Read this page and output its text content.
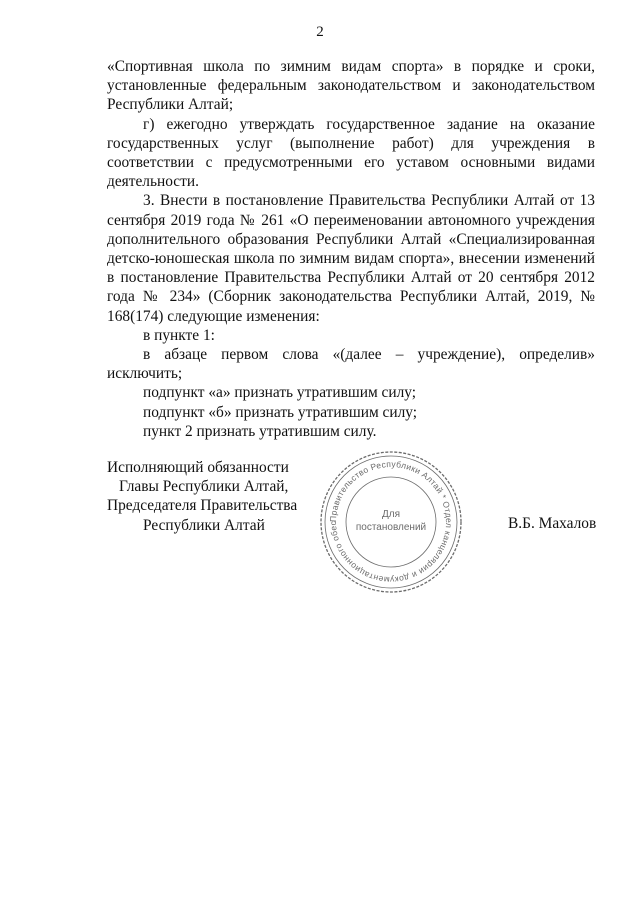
2

«Спортивная школа по зимним видам спорта» в порядке и сроки, установленные федеральным законодательством и законодательством Республики Алтай;

г) ежегодно утверждать государственное задание на оказание государственных услуг (выполнение работ) для учреждения в соответствии с предусмотренными его уставом основными видами деятельности.

3. Внести в постановление Правительства Республики Алтай от 13 сентября 2019 года № 261 «О переименовании автономного учреждения дополнительного образования Республики Алтай «Специализированная детско-юношеская школа по зимним видам спорта», внесении изменений в постановление Правительства Республики Алтай от 20 сентября 2012 года № 234» (Сборник законодательства Республики Алтай, 2019, № 168(174) следующие изменения:

в пункте 1:

в абзаце первом слова «(далее – учреждение), определив» исключить;

подпункт «а» признать утратившим силу;

подпункт «б» признать утратившим силу;

пункт 2 признать утратившим силу.

Исполняющий обязанности
Главы Республики Алтай,
Председателя Правительства
Республики Алтай	Правительство Республики Алтай * Отдел канцелярии и документационного обес
Для
постановлений	В.Б. Махалов
